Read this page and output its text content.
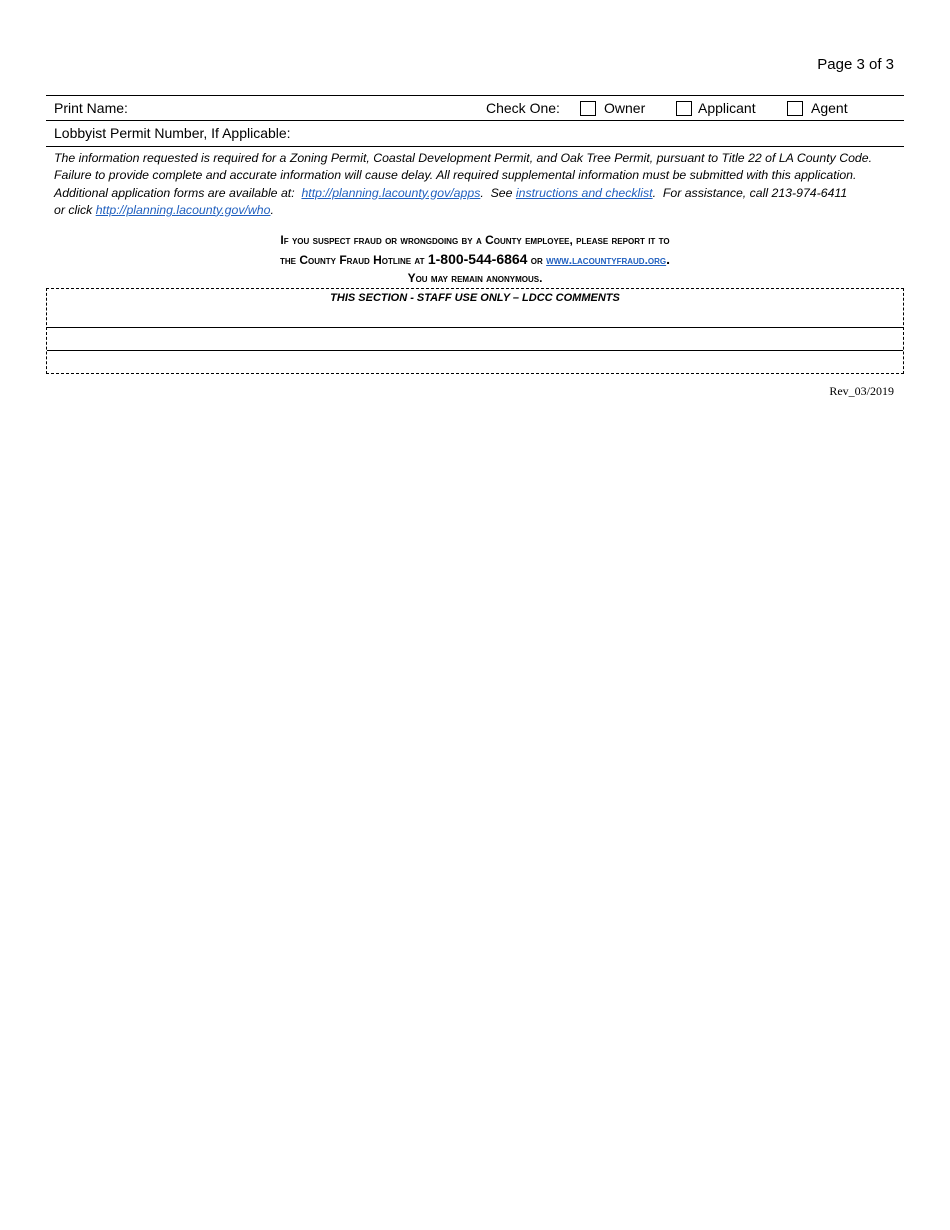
Page 3 of 3
Print Name:	Check One:	Owner	Applicant	Agent
Lobbyist Permit Number, If Applicable:
The information requested is required for a Zoning Permit, Coastal Development Permit, and Oak Tree Permit, pursuant to Title 22 of LA County Code.
Failure to provide complete and accurate information will cause delay. All required supplemental information must be submitted with this application.
Additional application forms are available at:  http://planning.lacounty.gov/apps.  See instructions and checklist.  For assistance, call 213-974-6411
or click http://planning.lacounty.gov/who.
If you suspect fraud or wrongdoing by a County employee, please report it to
the County Fraud Hotline at 1-800-544-6864 or www.lacountyfraud.org.
You may remain anonymous.
THIS SECTION - STAFF USE ONLY – LDCC COMMENTS
Rev_03/2019
